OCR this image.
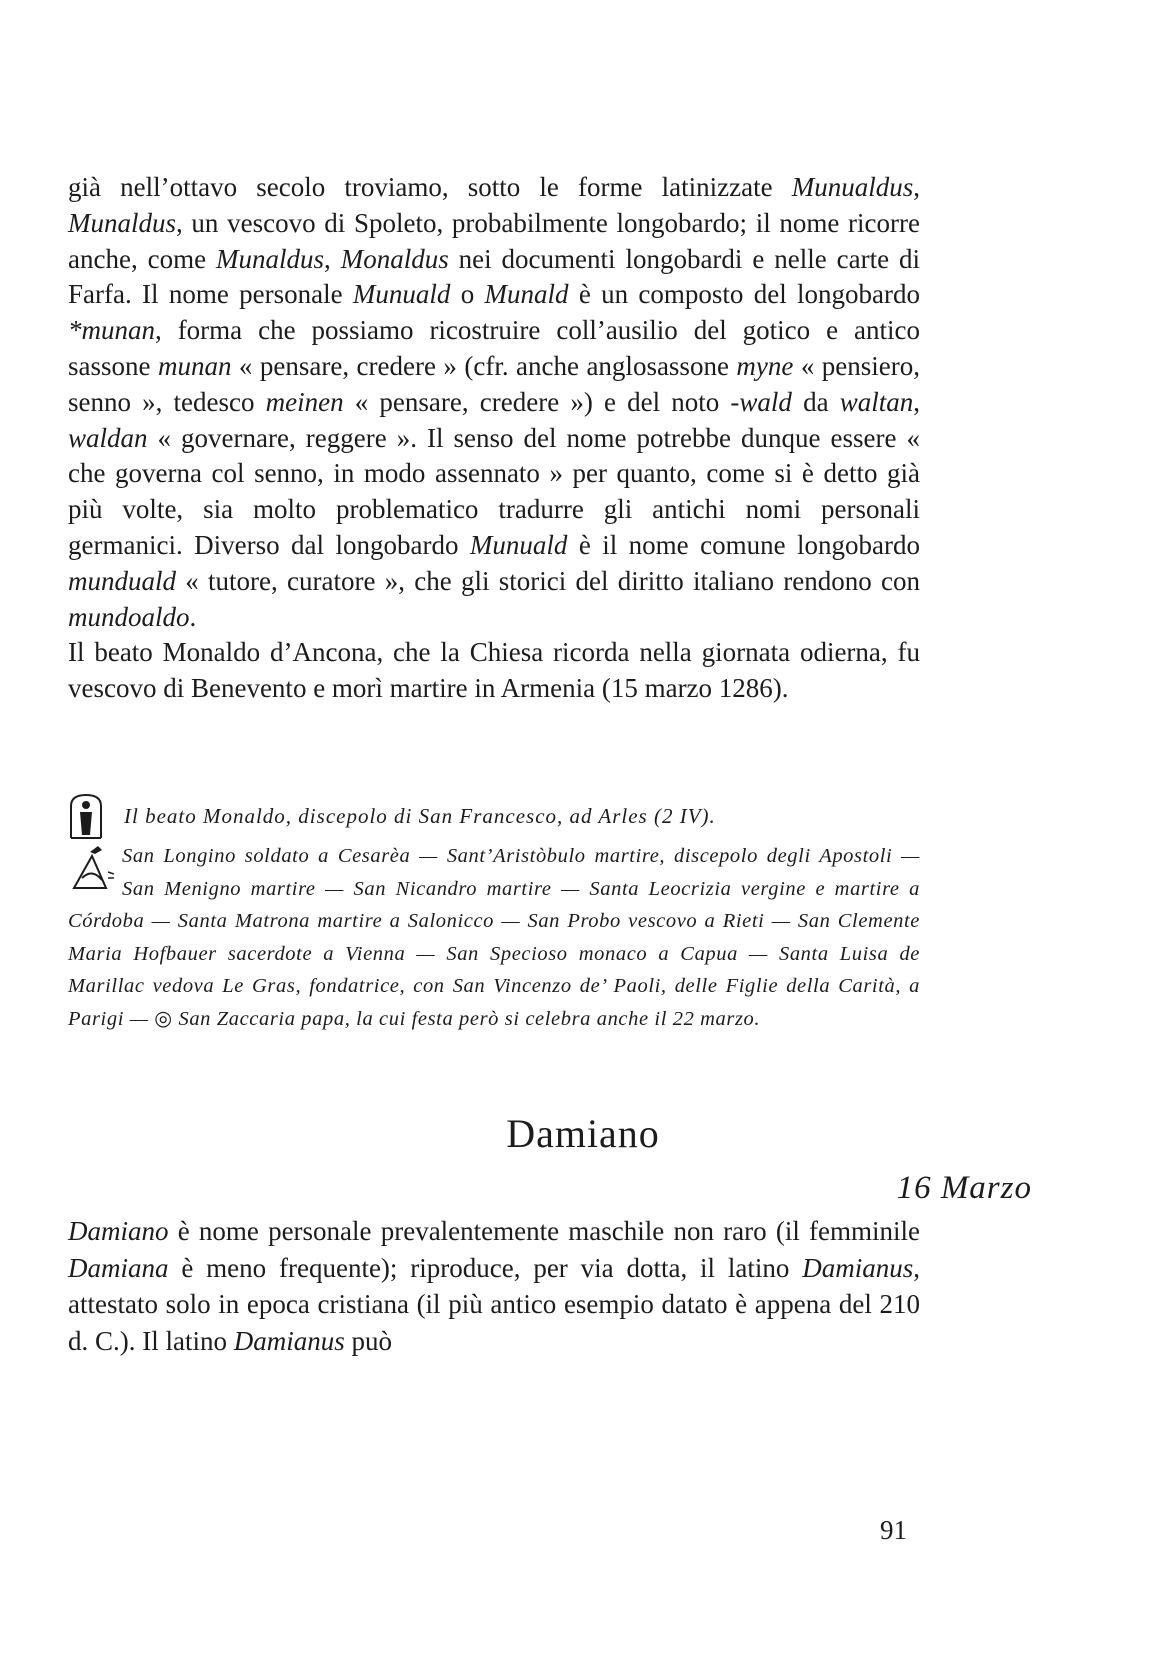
già nell’ottavo secolo troviamo, sotto le forme latinizzate Munualdus, Munaldus, un vescovo di Spoleto, probabilmente longobardo; il nome ricorre anche, come Munaldus, Monaldus nei documenti longobardi e nelle carte di Farfa. Il nome personale Munuald o Munald è un composto del longobardo *munan, forma che possiamo ricostruire coll’ausilio del gotico e antico sassone munan « pensare, credere » (cfr. anche anglosassone myne « pensiero, senno », tedesco meinen « pensare, credere ») e del noto -wald da waltan, waldan « governare, reggere ». Il senso del nome potrebbe dunque essere « che governa col senno, in modo assennato » per quanto, come si è detto già più volte, sia molto problematico tradurre gli antichi nomi personali germanici. Diverso dal longobardo Munuald è il nome comune longobardo munduald « tutore, curatore », che gli storici del diritto italiano rendono con mundoaldo.

Il beato Monaldo d’Ancona, che la Chiesa ricorda nella giornata odierna, fu vescovo di Benevento e morì martire in Armenia (15 marzo 1286).

Il beato Monaldo, discepolo di San Francesco, ad Arles (2 IV).
San Longino soldato a Cesarèa — Sant’Aristòbulo martire, discepolo degli Apostoli — San Menigno martire — San Nicandro martire — Santa Leocrizia vergine e martire a Córdoba — Santa Matrona martire a Salonicco — San Probo vescovo a Rieti — San Clemente Maria Hofbauer sacerdote a Vienna — San Specioso monaco a Capua — Santa Luisa de Marillac vedova Le Gras, fondatrice, con San Vincenzo de’ Paoli, delle Figlie della Carità, a Parigi — ◎ San Zaccaria papa, la cui festa però si celebra anche il 22 marzo.
Damiano
16 Marzo

Damiano è nome personale prevalentemente maschile non raro (il femminile Damiana è meno frequente); riproduce, per via dotta, il latino Damianus, attestato solo in epoca cristiana (il più antico esempio datato è appena del 210 d. C.). Il latino Damianus può

91
